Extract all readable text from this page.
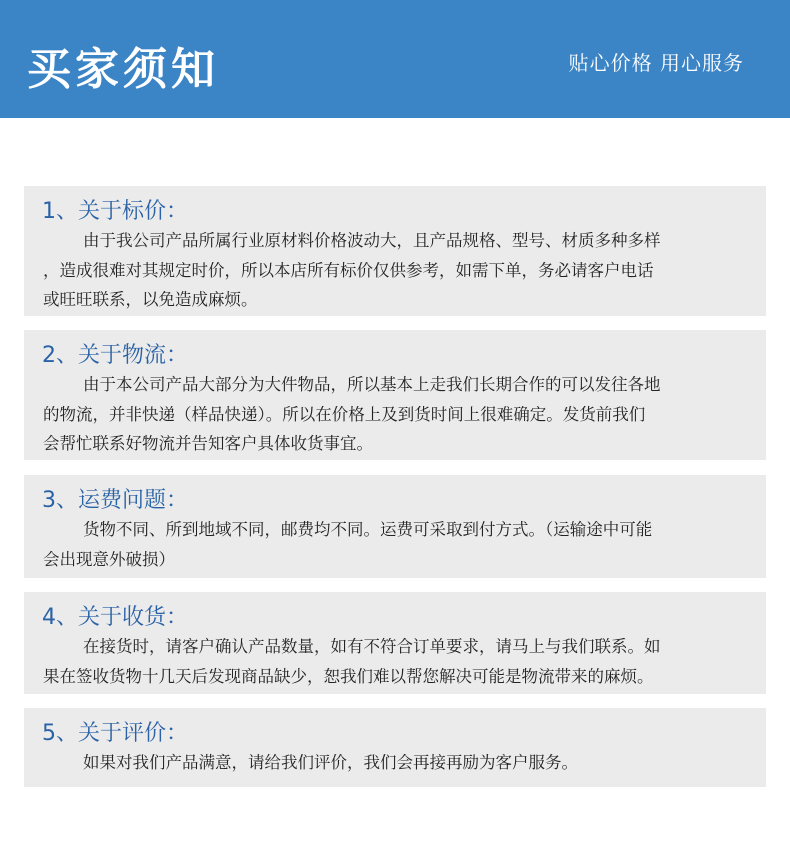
买家须知	贴心价格 用心服务
1、关于标价：
由于我公司产品所属行业原材料价格波动大，且产品规格、型号、材质多种多样
，造成很难对其规定时价，所以本店所有标价仅供参考，如需下单，务必请客户电话
或旺旺联系，以免造成麻烦。
2、关于物流：
由于本公司产品大部分为大件物品，所以基本上走我们长期合作的可以发往各地
的物流，并非快递（样品快递）。所以在价格上及到货时间上很难确定。发货前我们
会帮忙联系好物流并告知客户具体收货事宜。
3、运费问题：
货物不同、所到地域不同，邮费均不同。运费可采取到付方式。（运输途中可能
会出现意外破损）
4、关于收货：
在接货时，请客户确认产品数量，如有不符合订单要求，请马上与我们联系。如
果在签收货物十几天后发现商品缺少，恕我们难以帮您解决可能是物流带来的麻烦。
5、关于评价：
如果对我们产品满意，请给我们评价，我们会再接再励为客户服务。
